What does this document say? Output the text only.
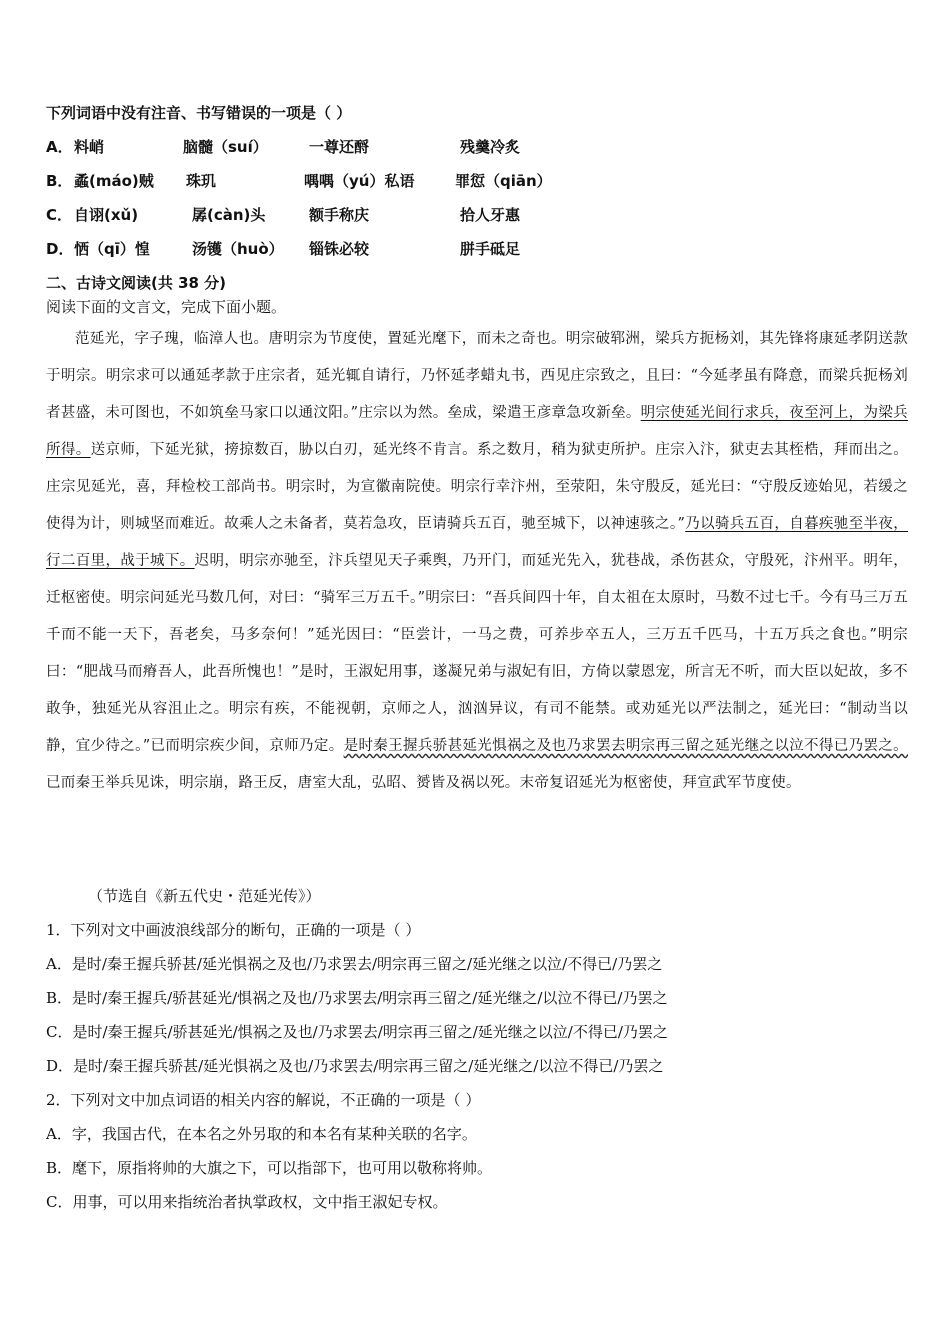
下列词语中没有注音、书写错误的一项是（ ）
A． 料峭	脑髓（suí）	一尊还酹	残羹冷炙
B． 蟊(máo)贼 珠玑	喁喁（yú）私语	罪愆（qiān）
C． 自诩(xǔ)	孱(càn)头	额手称庆	拾人牙惠
D． 恓（qī）惶	汤镬（huò） 锱铢必较	胼手砥足
二、古诗文阅读(共 38 分)
阅读下面的文言文，完成下面小题。
范延光，字子瑰，临漳人也。唐明宗为节度使，置延光麾下，而未之奇也。明宗破郓洲，梁兵方扼杨刘，其先锋将康延孝阴送款于明宗。明宗求可以通延孝款于庄宗者，延光辄自请行，乃怀延孝蜡丸书，西见庄宗致之，且曰：“今延孝虽有降意，而梁兵扼杨刘者甚盛，未可图也，不如筑垒马家口以通汶阳。”庄宗以为然。垒成，梁遣王彦章急攻新垒。明宗使延光间行求兵，夜至河上，为梁兵所得。送京师，下延光狱，搒掠数百，胁以白刃，延光终不肯言。系之数月，稍为狱吏所护。庄宗入汴，狱吏去其桎梏，拜而出之。庄宗见延光，喜，拜检校工部尚书。明宗时，为宣徽南院使。明宗行幸汴州，至荥阳，朱守殷反，延光曰：“守殷反迹始见，若缓之使得为计，则城坚而难近。故乘人之未备者，莫若急攻，臣请骑兵五百，驰至城下，以神速骇之。”乃以骑兵五百，自暮疾驰至半夜，行二百里，战于城下。迟明，明宗亦驰至，汴兵望见天子乘舆，乃开门，而延光先入，犹巷战，杀伤甚众，守殷死，汴州平。明年，迁枢密使。明宗问延光马数几何，对曰：“骑军三万五千。”明宗曰：“吾兵间四十年，自太祖在太原时，马数不过七千。今有马三万五千而不能一天下，吾老矣，马多奈何！”延光因曰：“臣尝计，一马之费，可养步卒五人，三万五千匹马，十五万兵之食也。”明宗曰：“肥战马而瘠吾人，此吾所愧也！”是时，王淑妃用事，遂凝兄弟与淑妃有旧，方倚以蒙恩宠，所言无不听，而大臣以妃故，多不敢争，独延光从容沮止之。明宗有疾，不能视朝，京师之人，汹汹异议，有司不能禁。或劝延光以严法制之，延光曰：“制动当以静，宜少待之。”已而明宗疾少间，京师乃定。是时秦王握兵骄甚延光惧祸之及也乃求罢去明宗再三留之延光继之以泣不得已乃罢之。已而秦王举兵见诛，明宗崩，路王反，唐室大乱，弘昭、赟皆及祸以死。末帝复诏延光为枢密使，拜宣武军节度使。
（节选自《新五代史・范延光传》）
1．下列对文中画波浪线部分的断句，正确的一项是（ ）
A．是时/秦王握兵骄甚/延光惧祸之及也/乃求罢去/明宗再三留之/延光继之以泣/不得已/乃罢之
B．是时/秦王握兵/骄甚延光/惧祸之及也/乃求罢去/明宗再三留之/延光继之/以泣不得已/乃罢之
C．是时/秦王握兵/骄甚延光/惧祸之及也/乃求罢去/明宗再三留之/延光继之以泣/不得已/乃罢之
D．是时/秦王握兵骄甚/延光惧祸之及也/乃求罢去/明宗再三留之/延光继之/以泣不得已/乃罢之
2．下列对文中加点词语的相关内容的解说，不正确的一项是（ ）
A．字，我国古代，在本名之外另取的和本名有某种关联的名字。
B．麾下，原指将帅的大旗之下，可以指部下，也可用以敬称将帅。
C．用事，可以用来指统治者执掌政权，文中指王淑妃专权。
